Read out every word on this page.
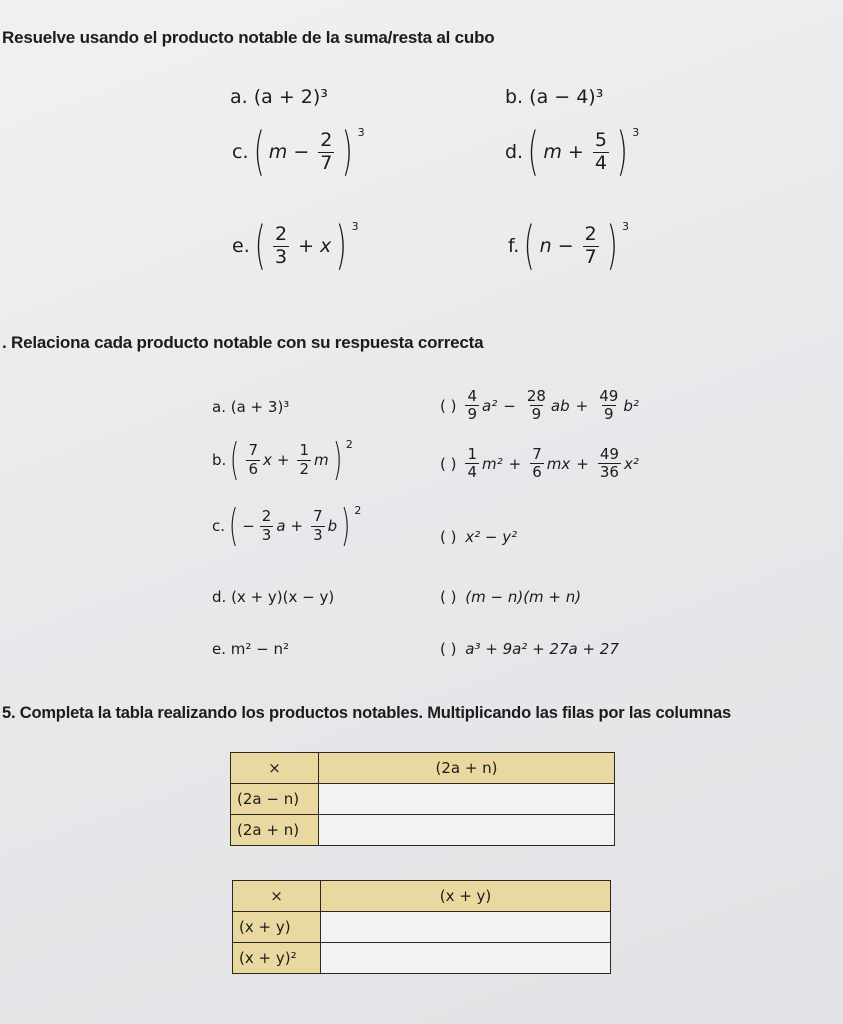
Resuelve usando el producto notable de la suma/resta al cubo
a. (a + 2)³	b. (a − 4)³
c. ( $m - \frac{2}{7}$ ) $^3$
d. ( $m + \frac{5}{4}$ ) $^3$
e. ( $\frac{2}{3} + x$ ) $^3$
f. ( $n - \frac{2}{7}$ ) $^3$
. Relaciona cada producto notable con su respuesta correcta
a. (a + 3)³
b. ( $\frac{7}{6}$ $x + \frac{1}{2}$ m ) $^2$
c. ( − $\frac{2}{3}$ $a + \frac{7}{3}$ b ) $^2$
d. (x + y)(x − y)
e. m² − n²
( ) $\frac{4}{9} a^2 - \frac{28}{9}$ ab + $\frac{49}{9} b^2$
( ) $\frac{1}{4} m^2 + \frac{7}{6}$ mx + $\frac{49}{36} x^2$
( ) x² − y²
( ) (m − n)(m + n)
( ) a³ + 9a² + 27a + 27
5. Completa la tabla realizando los productos notables. Multiplicando las filas por las columnas
×	(2a + n)
(2a − n)	
(2a + n)	
×	(x + y)
(x + y)	
(x + y)²	
